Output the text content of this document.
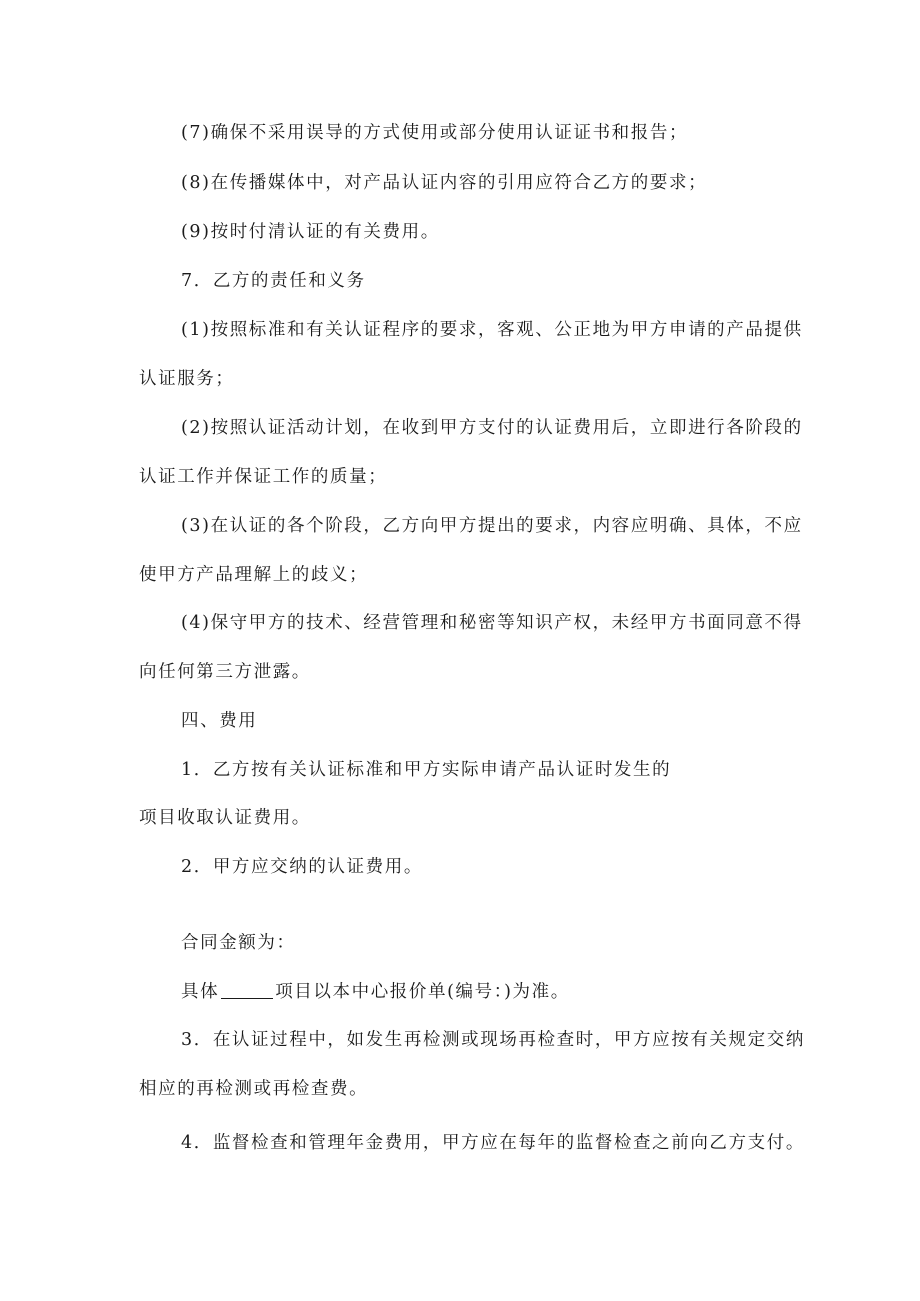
(7)确保不采用误导的方式使用或部分使用认证证书和报告；
(8)在传播媒体中，对产品认证内容的引用应符合乙方的要求；
(9)按时付清认证的有关费用。
7．乙方的责任和义务
(1)按照标准和有关认证程序的要求，客观、公正地为甲方申请的产品提供
认证服务；
(2)按照认证活动计划，在收到甲方支付的认证费用后，立即进行各阶段的
认证工作并保证工作的质量；
(3)在认证的各个阶段，乙方向甲方提出的要求，内容应明确、具体，不应
使甲方产品理解上的歧义；
(4)保守甲方的技术、经营管理和秘密等知识产权，未经甲方书面同意不得
向任何第三方泄露。
四、费用
1．乙方按有关认证标准和甲方实际申请产品认证时发生的
项目收取认证费用。
2．甲方应交纳的认证费用。
合同金额为：
具体	项目以本中心报价单(编号：)为准。
3．在认证过程中，如发生再检测或现场再检查时，甲方应按有关规定交纳
相应的再检测或再检查费。
4．监督检查和管理年金费用，甲方应在每年的监督检查之前向乙方支付。
